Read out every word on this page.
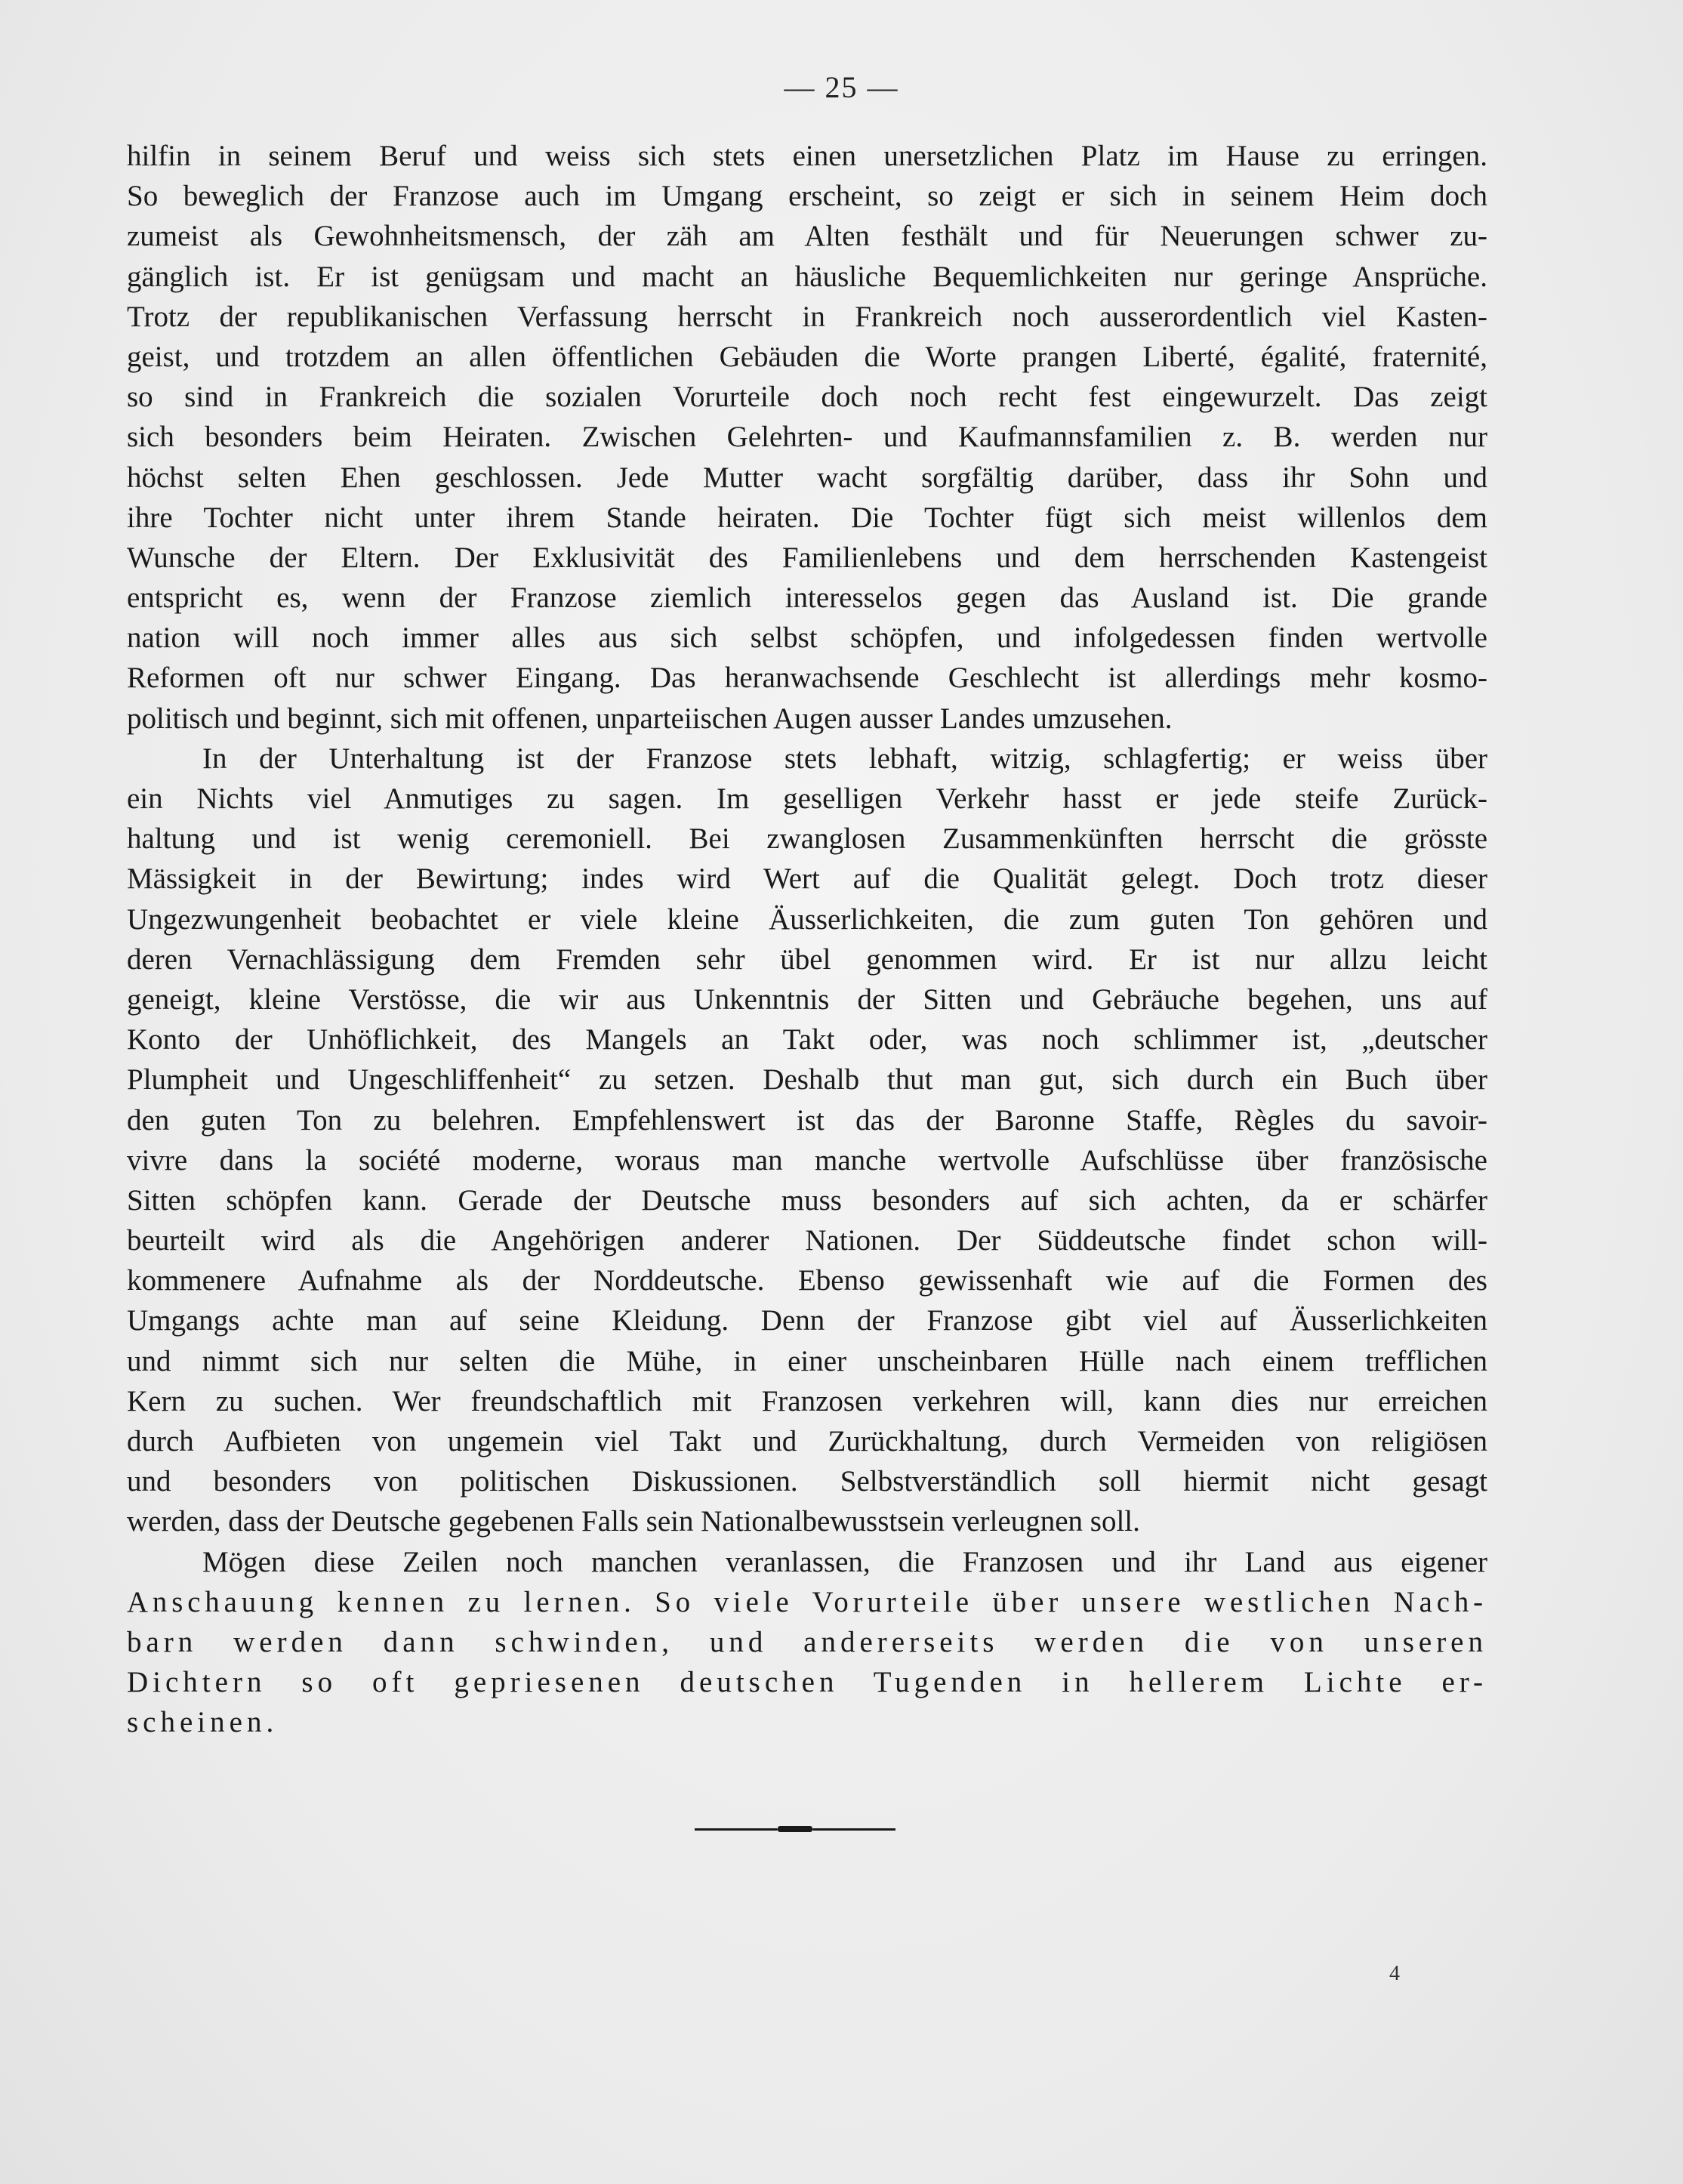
— 25 —
hilfin in seinem Beruf und weiss sich stets einen unersetzlichen Platz im Hause zu erringen.
So beweglich der Franzose auch im Umgang erscheint, so zeigt er sich in seinem Heim doch
zumeist als Gewohnheitsmensch, der zäh am Alten festhält und für Neuerungen schwer zu-
gänglich ist. Er ist genügsam und macht an häusliche Bequemlichkeiten nur geringe Ansprüche.
Trotz der republikanischen Verfassung herrscht in Frankreich noch ausserordentlich viel Kasten-
geist, und trotzdem an allen öffentlichen Gebäuden die Worte prangen Liberté, égalité, fraternité,
so sind in Frankreich die sozialen Vorurteile doch noch recht fest eingewurzelt. Das zeigt
sich besonders beim Heiraten. Zwischen Gelehrten- und Kaufmannsfamilien z. B. werden nur
höchst selten Ehen geschlossen. Jede Mutter wacht sorgfältig darüber, dass ihr Sohn und
ihre Tochter nicht unter ihrem Stande heiraten. Die Tochter fügt sich meist willenlos dem
Wunsche der Eltern. Der Exklusivität des Familienlebens und dem herrschenden Kastengeist
entspricht es, wenn der Franzose ziemlich interesselos gegen das Ausland ist. Die grande
nation will noch immer alles aus sich selbst schöpfen, und infolgedessen finden wertvolle
Reformen oft nur schwer Eingang. Das heranwachsende Geschlecht ist allerdings mehr kosmo-
politisch und beginnt, sich mit offenen, unparteiischen Augen ausser Landes umzusehen.
In der Unterhaltung ist der Franzose stets lebhaft, witzig, schlagfertig; er weiss über
ein Nichts viel Anmutiges zu sagen. Im geselligen Verkehr hasst er jede steife Zurück-
haltung und ist wenig ceremoniell. Bei zwanglosen Zusammenkünften herrscht die grösste
Mässigkeit in der Bewirtung; indes wird Wert auf die Qualität gelegt. Doch trotz dieser
Ungezwungenheit beobachtet er viele kleine Äusserlichkeiten, die zum guten Ton gehören und
deren Vernachlässigung dem Fremden sehr übel genommen wird. Er ist nur allzu leicht
geneigt, kleine Verstösse, die wir aus Unkenntnis der Sitten und Gebräuche begehen, uns auf
Konto der Unhöflichkeit, des Mangels an Takt oder, was noch schlimmer ist, „deutscher
Plumpheit und Ungeschliffenheit“ zu setzen. Deshalb thut man gut, sich durch ein Buch über
den guten Ton zu belehren. Empfehlenswert ist das der Baronne Staffe, Règles du savoir-
vivre dans la société moderne, woraus man manche wertvolle Aufschlüsse über französische
Sitten schöpfen kann. Gerade der Deutsche muss besonders auf sich achten, da er schärfer
beurteilt wird als die Angehörigen anderer Nationen. Der Süddeutsche findet schon will-
kommenere Aufnahme als der Norddeutsche. Ebenso gewissenhaft wie auf die Formen des
Umgangs achte man auf seine Kleidung. Denn der Franzose gibt viel auf Äusserlichkeiten
und nimmt sich nur selten die Mühe, in einer unscheinbaren Hülle nach einem trefflichen
Kern zu suchen. Wer freundschaftlich mit Franzosen verkehren will, kann dies nur erreichen
durch Aufbieten von ungemein viel Takt und Zurückhaltung, durch Vermeiden von religiösen
und besonders von politischen Diskussionen. Selbstverständlich soll hiermit nicht gesagt
werden, dass der Deutsche gegebenen Falls sein Nationalbewusstsein verleugnen soll.
Mögen diese Zeilen noch manchen veranlassen, die Franzosen und ihr Land aus eigener
Anschauung kennen zu lernen. So viele Vorurteile über unsere westlichen Nach-
barn werden dann schwinden, und andererseits werden die von unseren
Dichtern so oft gepriesenen deutschen Tugenden in hellerem Lichte er-
scheinen.
4
